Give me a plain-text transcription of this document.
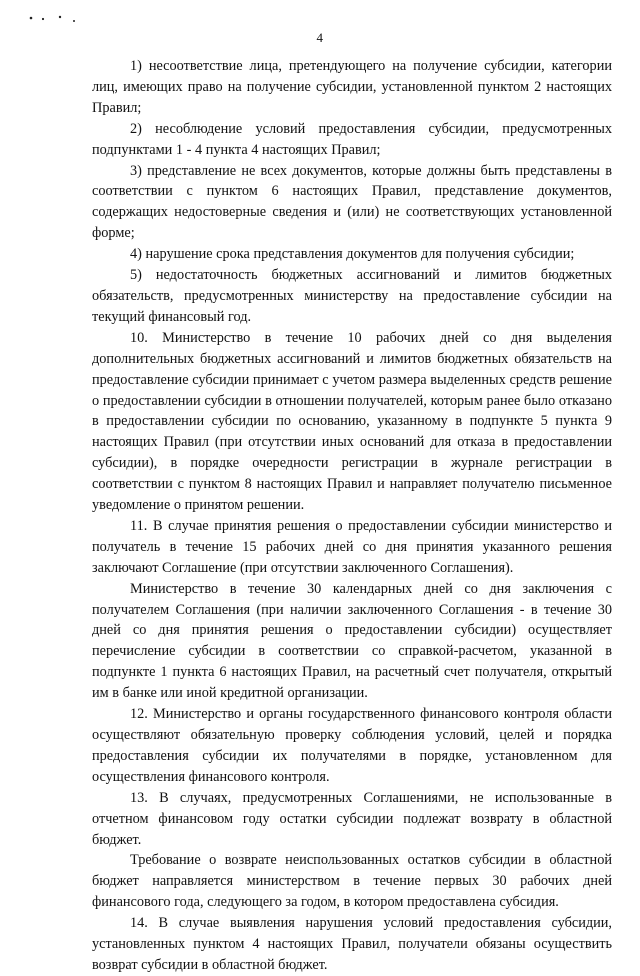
4

1) несоответствие лица, претендующего на получение субсидии, категории лиц, имеющих право на получение субсидии, установленной пунктом 2 настоящих Правил;

2) несоблюдение условий предоставления субсидии, предусмотренных подпунктами 1 - 4 пункта 4 настоящих Правил;

3) представление не всех документов, которые должны быть представлены в соответствии с пунктом 6 настоящих Правил, представление документов, содержащих недостоверные сведения и (или) не соответствующих установленной форме;

4) нарушение срока представления документов для получения субсидии;

5) недостаточность бюджетных ассигнований и лимитов бюджетных обязательств, предусмотренных министерству на предоставление субсидии на текущий финансовый год.

10. Министерство в течение 10 рабочих дней со дня выделения дополнительных бюджетных ассигнований и лимитов бюджетных обязательств на предоставление субсидии принимает с учетом размера выделенных средств решение о предоставлении субсидии в отношении получателей, которым ранее было отказано в предоставлении субсидии по основанию, указанному в подпункте 5 пункта 9 настоящих Правил (при отсутствии иных оснований для отказа в предоставлении субсидии), в порядке очередности регистрации в журнале регистрации в соответствии с пунктом 8 настоящих Правил и направляет получателю письменное уведомление о принятом решении.

11. В случае принятия решения о предоставлении субсидии министерство и получатель в течение 15 рабочих дней со дня принятия указанного решения заключают Соглашение (при отсутствии заключенного Соглашения).

Министерство в течение 30 календарных дней со дня заключения с получателем Соглашения (при наличии заключенного Соглашения - в течение 30 дней со дня принятия решения о предоставлении субсидии) осуществляет перечисление субсидии в соответствии со справкой-расчетом, указанной в подпункте 1 пункта 6 настоящих Правил, на расчетный счет получателя, открытый им в банке или иной кредитной организации.

12. Министерство и органы государственного финансового контроля области осуществляют обязательную проверку соблюдения условий, целей и порядка предоставления субсидии их получателями в порядке, установленном для осуществления финансового контроля.

13. В случаях, предусмотренных Соглашениями, не использованные в отчетном финансовом году остатки субсидии подлежат возврату в областной бюджет.

Требование о возврате неиспользованных остатков субсидии в областной бюджет направляется министерством в течение первых 30 рабочих дней финансового года, следующего за годом, в котором предоставлена субсидия.

14. В случае выявления нарушения условий предоставления субсидии, установленных пунктом 4 настоящих Правил, получатели обязаны осуществить возврат субсидии в областной бюджет.
